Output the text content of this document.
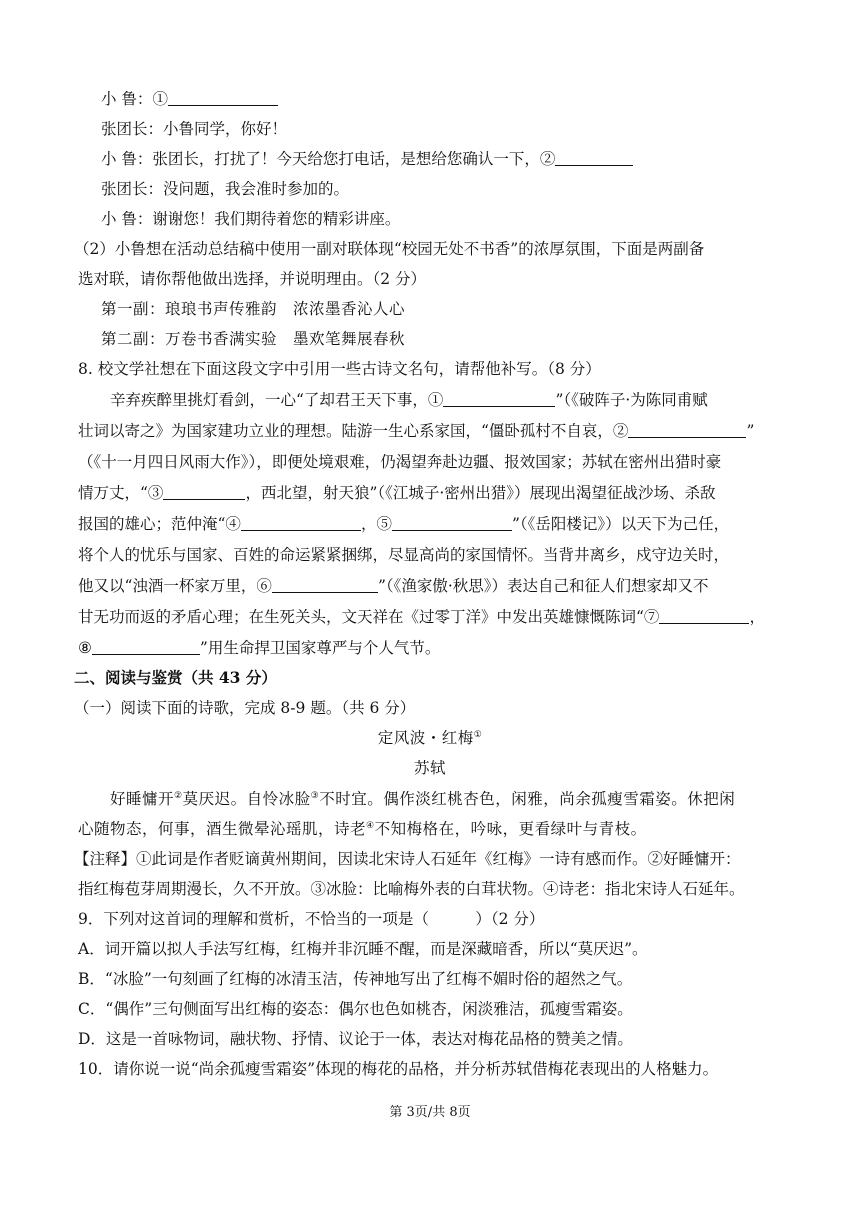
小 鲁：①
张团长：小鲁同学，你好！
小 鲁：张团长，打扰了！今天给您打电话，是想给您确认一下，②
张团长：没问题，我会准时参加的。
小 鲁：谢谢您！我们期待着您的精彩讲座。
（2）小鲁想在活动总结稿中使用一副对联体现“校园无处不书香”的浓厚氛围，下面是两副备
选对联，请你帮他做出选择，并说明理由。（2 分）
第一副：琅琅书声传雅韵　浓浓墨香沁人心
第二副：万卷书香满实验　墨欢笔舞展春秋
8. 校文学社想在下面这段文字中引用一些古诗文名句，请帮他补写。（8 分）
辛弃疾醉里挑灯看剑，一心“了却君王天下事，①	”（《破阵子·为陈同甫赋
壮词以寄之》为国家建功立业的理想。陆游一生心系家国，“僵卧孤村不自哀，②	”
（《十一月四日风雨大作》），即便处境艰难，仍渴望奔赴边疆、报效国家；苏轼在密州出猎时豪
情万丈，“③	，西北望，射天狼”（《江城子·密州出猎》）展现出渴望征战沙场、杀敌
报国的雄心；范仲淹“④	，⑤	”（《岳阳楼记》）以天下为己任，
将个人的忧乐与国家、百姓的命运紧紧捆绑，尽显高尚的家国情怀。当背井离乡，戍守边关时，
他又以“浊酒一杯家万里，⑥	”（《渔家傲·秋思》）表达自己和征人们想家却又不
甘无功而返的矛盾心理；在生死关头，文天祥在《过零丁洋》中发出英雄慷慨陈词“⑦	，
⑧	”用生命捍卫国家尊严与个人气节。
二、阅读与鉴赏（共 43 分）
（一）阅读下面的诗歌，完成 8-9 题。（共 6 分）
定风波・红梅①
苏轼
好睡慵开②莫厌迟。自怜冰脸③不时宜。偶作淡红桃杏色，闲雅，尚余孤瘦雪霜姿。休把闲
心随物态，何事，酒生微晕沁瑶肌，诗老④不知梅格在，吟咏，更看绿叶与青枝。
【注释】①此词是作者贬谪黄州期间，因读北宋诗人石延年《红梅》一诗有感而作。②好睡慵开：
指红梅苞芽周期漫长，久不开放。③冰脸：比喻梅外表的白茸状物。④诗老：指北宋诗人石延年。
9．下列对这首词的理解和赏析，不恰当的一项是（　　　）（2 分）
A．词开篇以拟人手法写红梅，红梅并非沉睡不醒，而是深藏暗香，所以“莫厌迟”。
B．“冰脸”一句刻画了红梅的冰清玉洁，传神地写出了红梅不媚时俗的超然之气。
C．“偶作”三句侧面写出红梅的姿态：偶尔也色如桃杏，闲淡雅洁，孤瘦雪霜姿。
D．这是一首咏物词，融状物、抒情、议论于一体，表达对梅花品格的赞美之情。
10．请你说一说“尚余孤瘦雪霜姿”体现的梅花的品格，并分析苏轼借梅花表现出的人格魅力。
第 3页/共 8页
